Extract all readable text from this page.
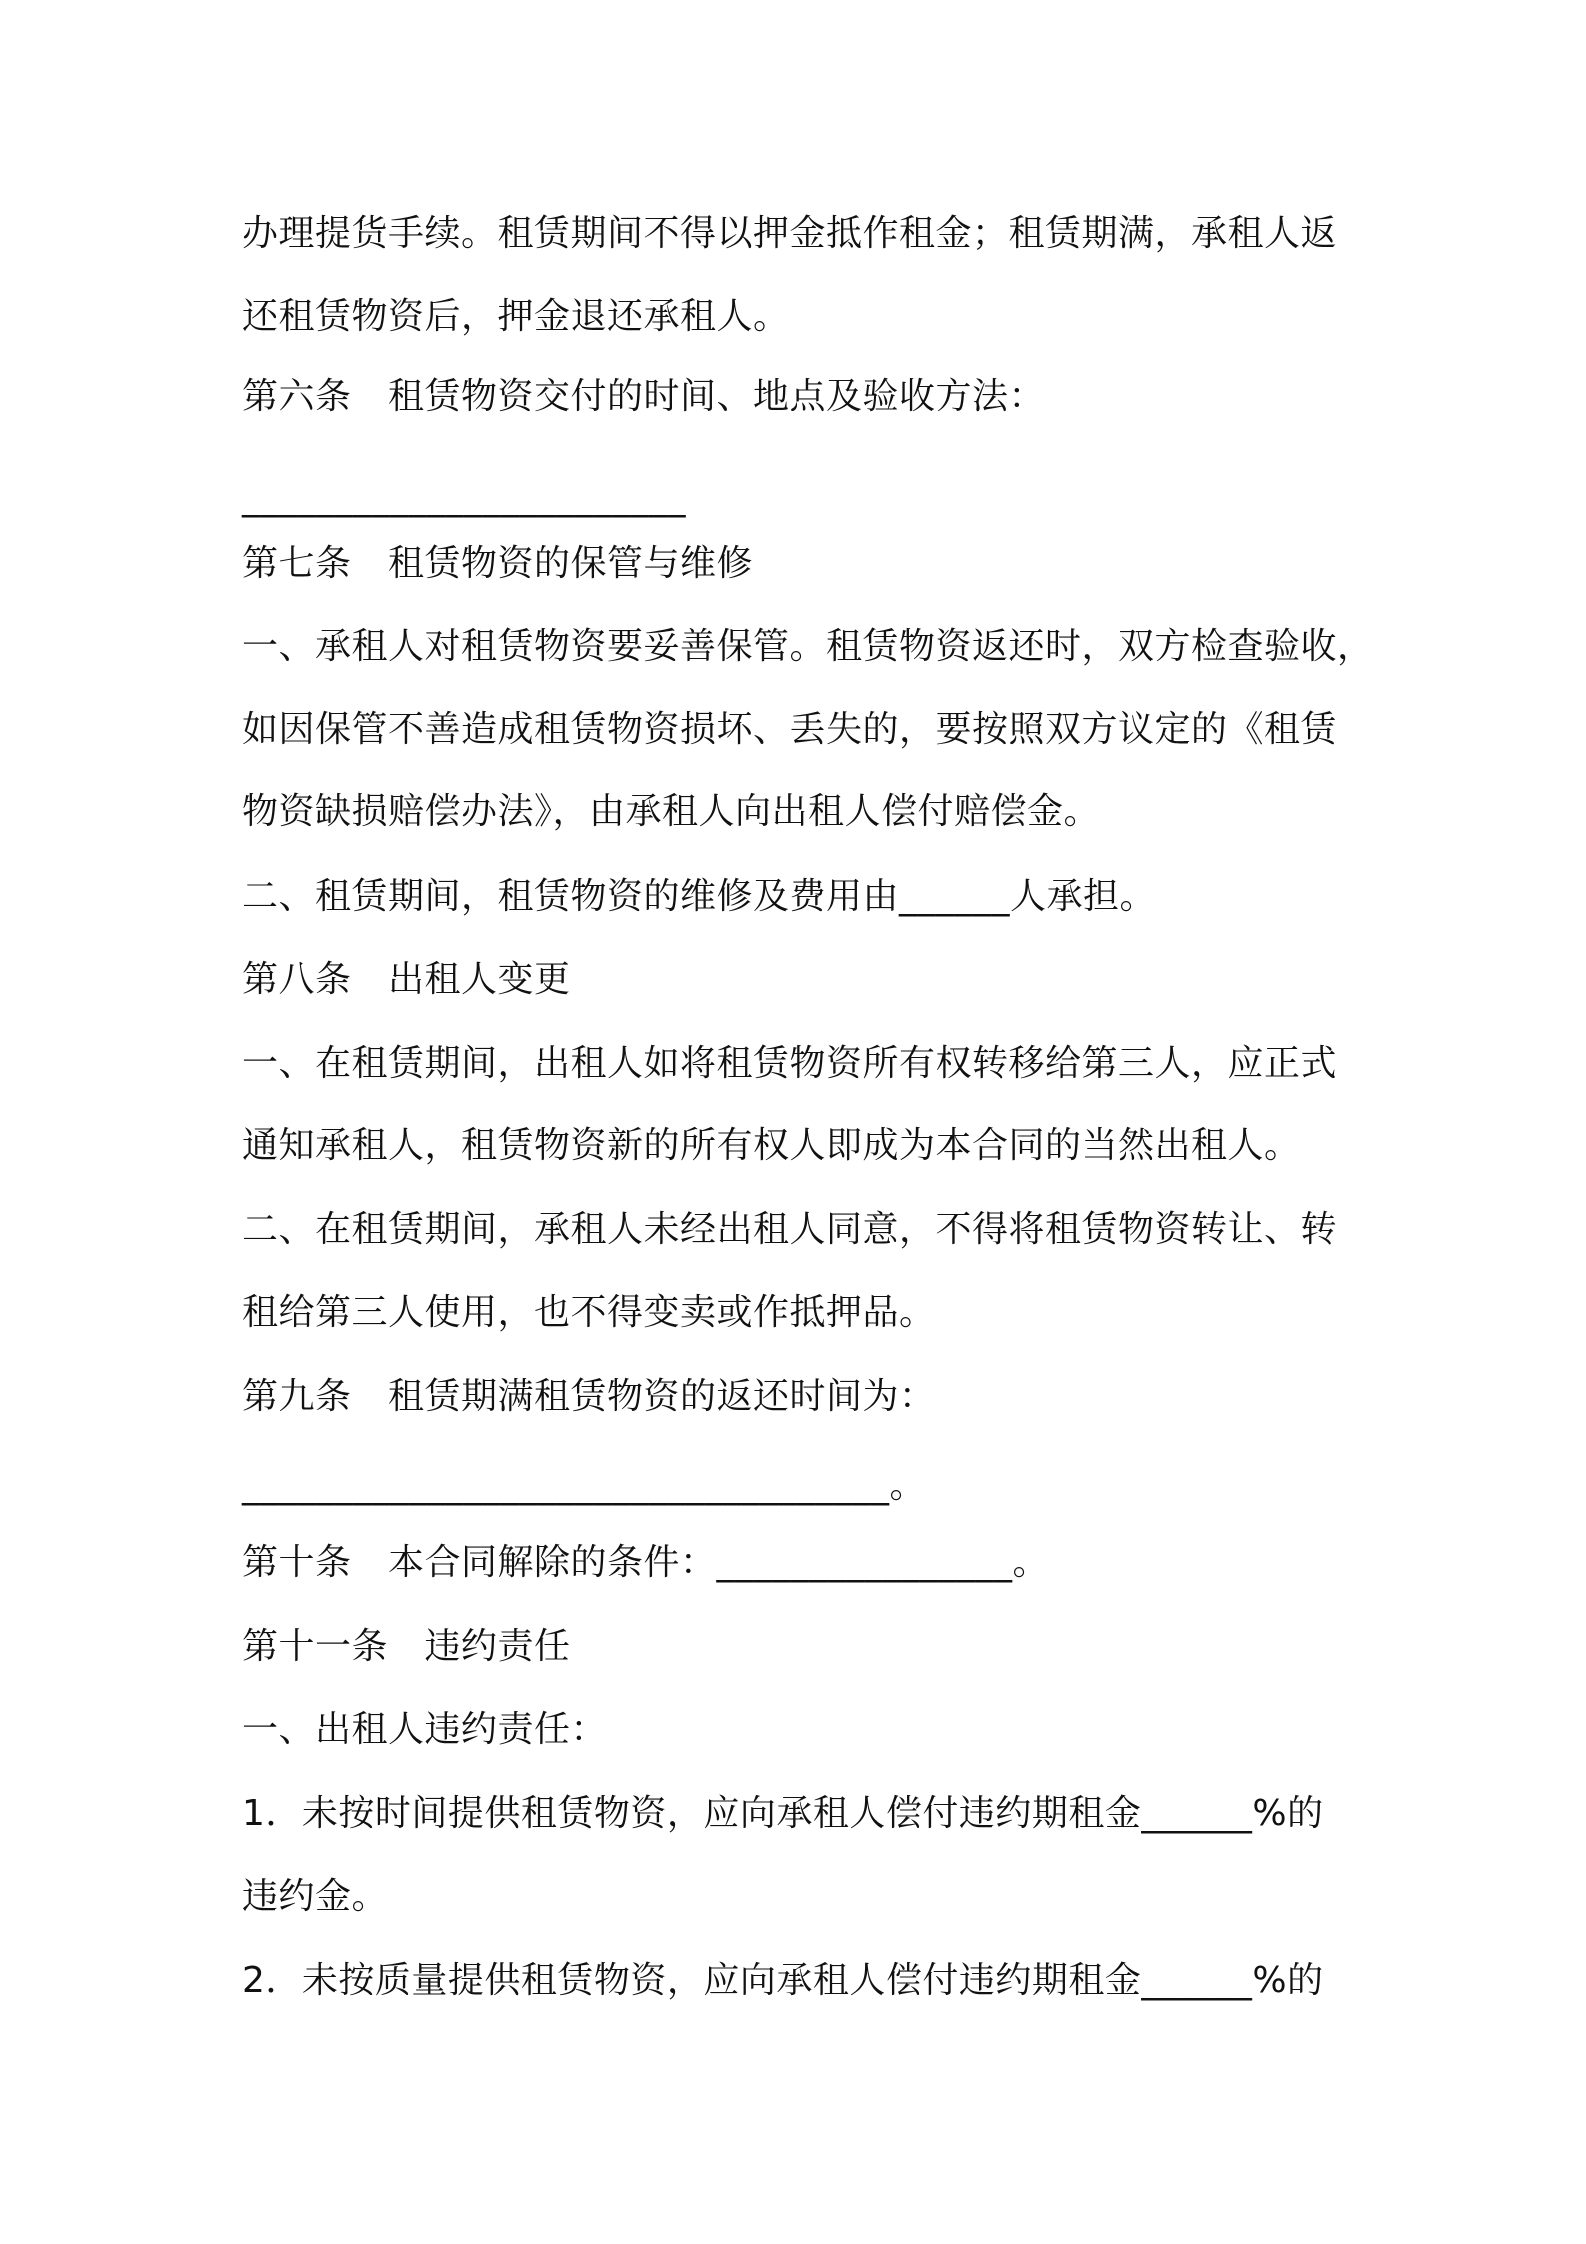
办理提货手续。租赁期间不得以押金抵作租金；租赁期满，承租人返
还租赁物资后，押金退还承租人。
第六条　租赁物资交付的时间、地点及验收方法：
________________________
第七条　租赁物资的保管与维修
一、承租人对租赁物资要妥善保管。租赁物资返还时，双方检查验收，
如因保管不善造成租赁物资损坏、丢失的，要按照双方议定的《租赁
物资缺损赔偿办法》，由承租人向出租人偿付赔偿金。
二、租赁期间，租赁物资的维修及费用由______人承担。
第八条　出租人变更
一、在租赁期间，出租人如将租赁物资所有权转移给第三人，应正式
通知承租人，租赁物资新的所有权人即成为本合同的当然出租人。
二、在租赁期间，承租人未经出租人同意，不得将租赁物资转让、转
租给第三人使用，也不得变卖或作抵押品。
第九条　租赁期满租赁物资的返还时间为：
___________________________________。
第十条　本合同解除的条件：________________。
第十一条　违约责任
一、出租人违约责任：
1．未按时间提供租赁物资，应向承租人偿付违约期租金______%的
违约金。
2．未按质量提供租赁物资，应向承租人偿付违约期租金______%的
